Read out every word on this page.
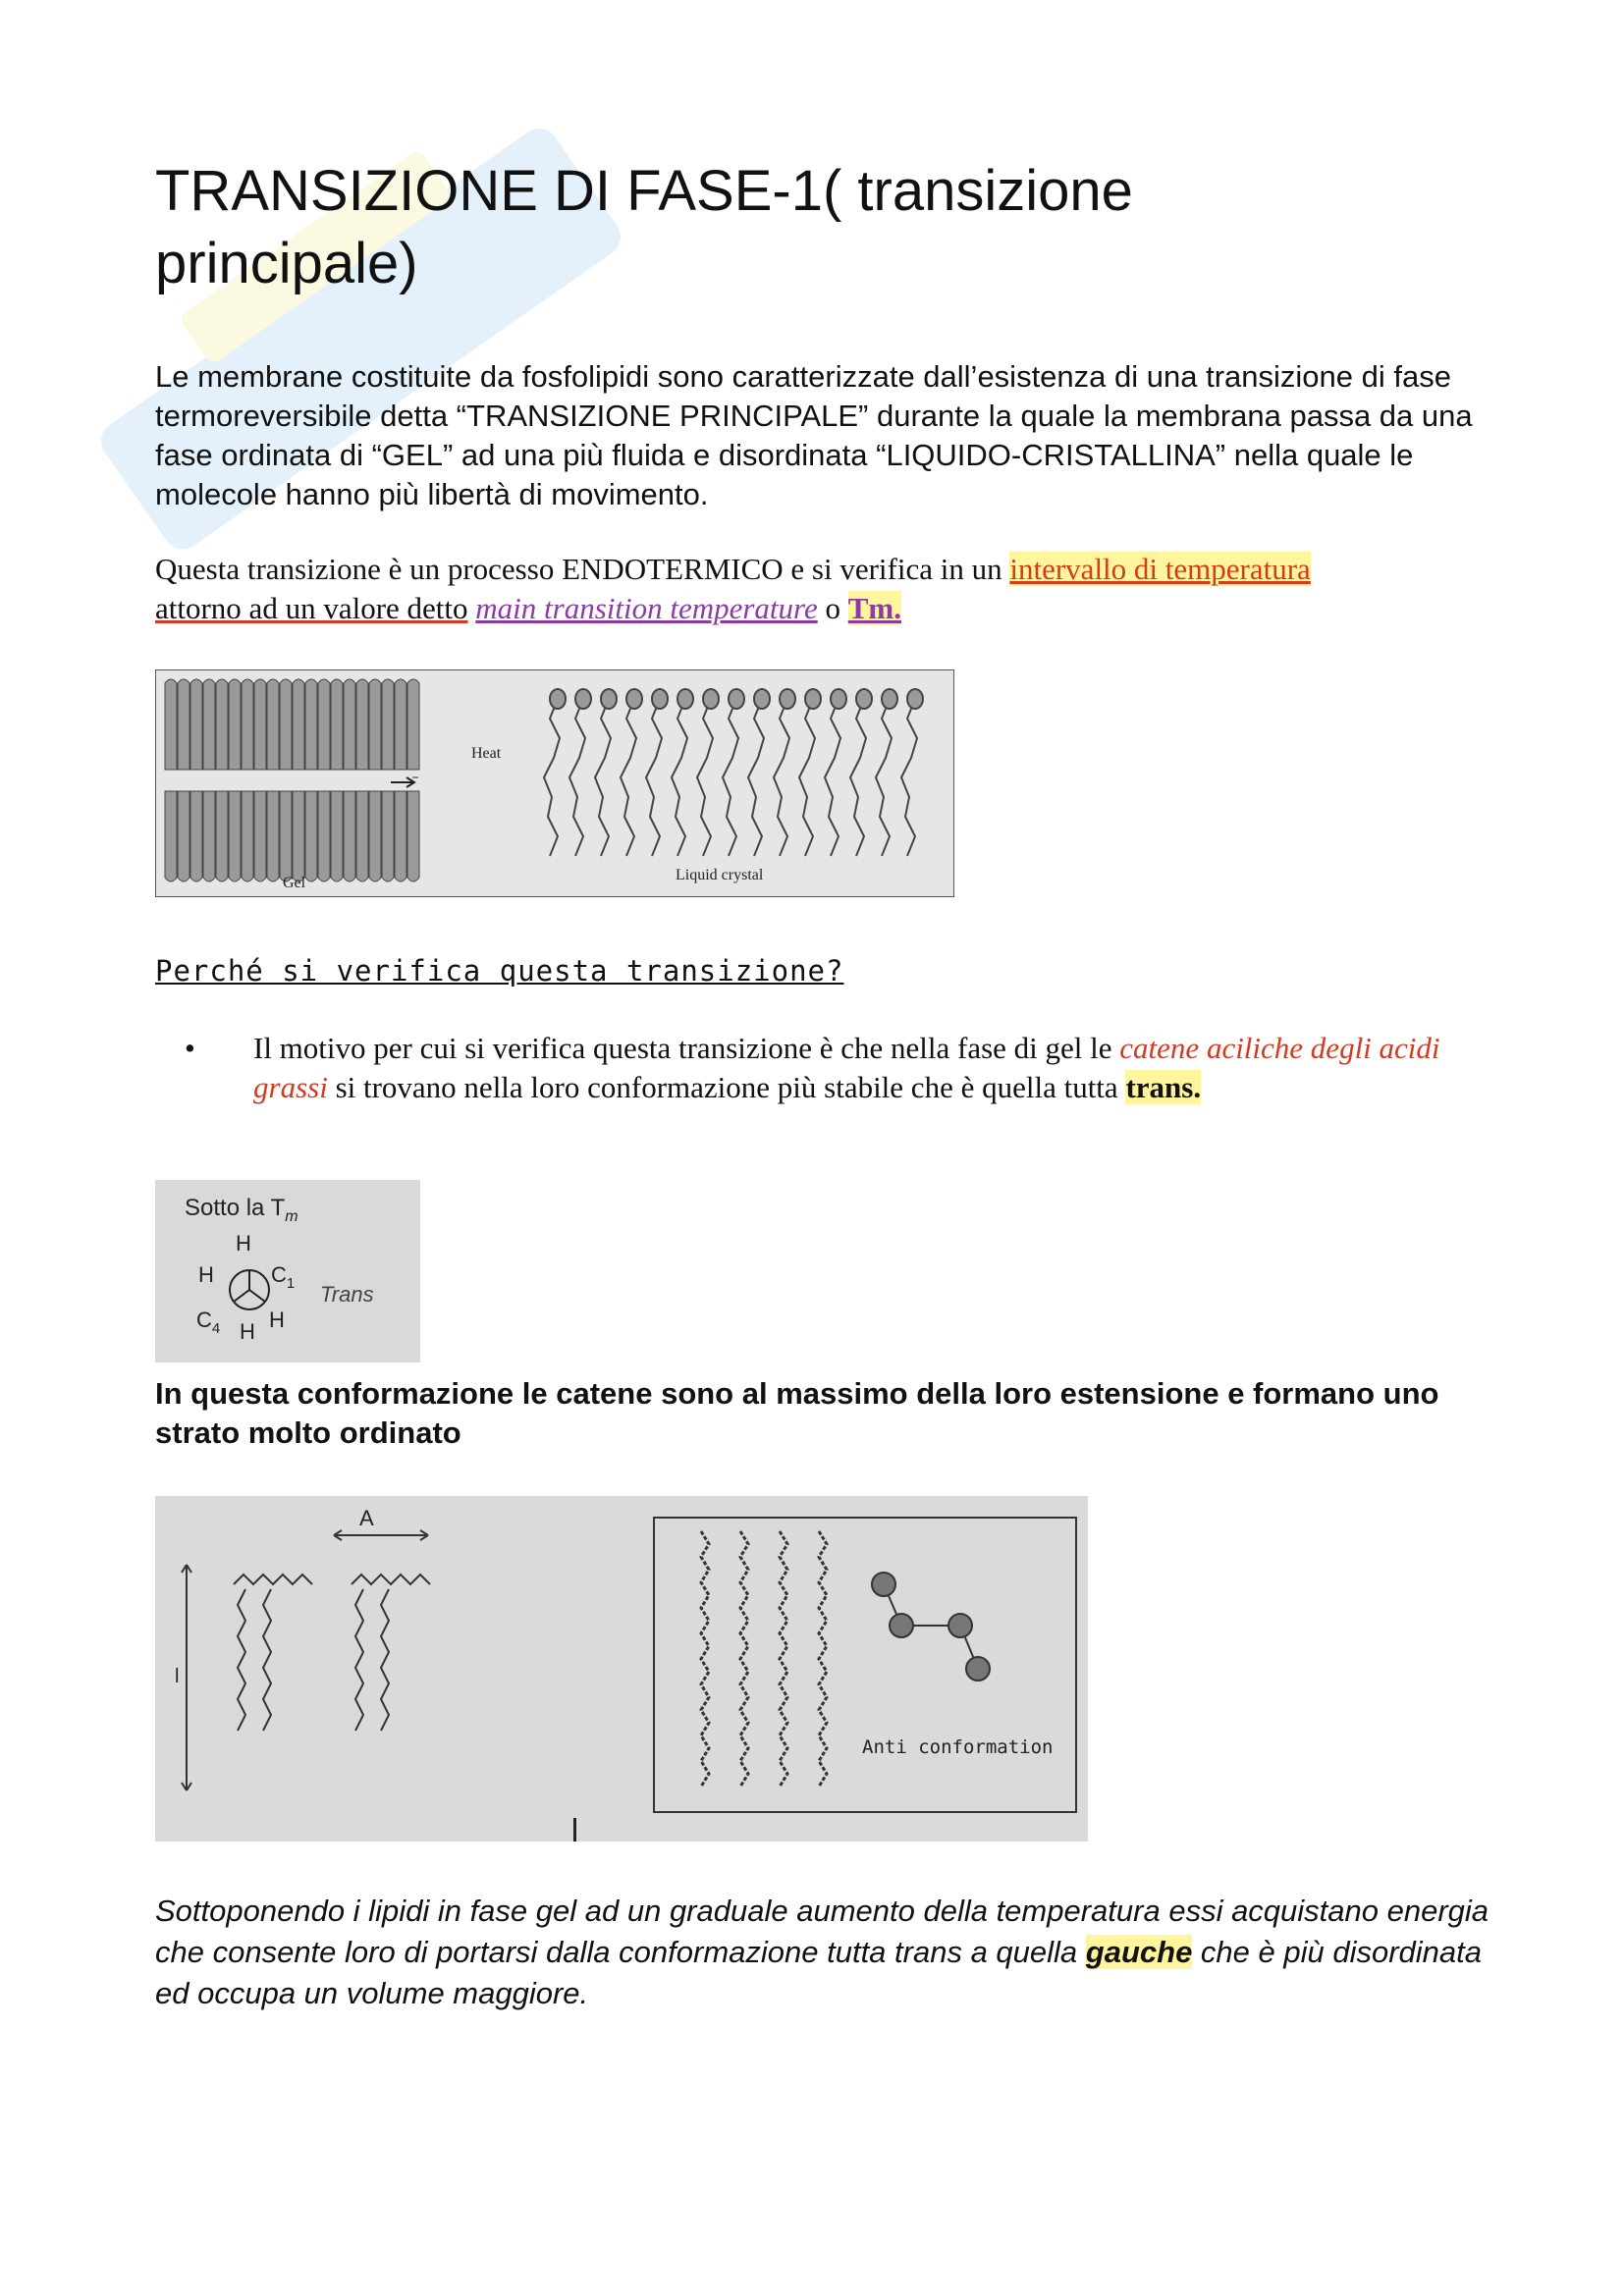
TRANSIZIONE DI FASE-1( transizione principale)

Le membrane costituite da fosfolipidi sono caratterizzate dall’esistenza di una transizione di fase termoreversibile detta “TRANSIZIONE PRINCIPALE” durante la quale la membrana passa da una fase ordinata di “GEL” ad una più fluida e disordinata “LIQUIDO-CRISTALLINA” nella quale le molecole hanno più libertà di movimento.

Questa transizione è un processo ENDOTERMICO e si verifica in un intervallo di temperatura
attorno ad un valore detto main transition temperature o Tm.

Heat
Gel	Liquid crystal

Perché si verifica questa transizione?

•	Il motivo per cui si verifica questa transizione è che nella fase di gel le catene aciliche degli acidi grassi si trovano nella loro conformazione più stabile che è quella tutta trans.

Sotto la $T_m$
H
H	$C_1$ Trans
$C_4$ H H

In questa conformazione le catene sono al massimo della loro estensione e formano uno strato molto ordinato

A
l
Anti conformation

Sottoponendo i lipidi in fase gel ad un graduale aumento della temperatura essi acquistano energia che consente loro di portarsi dalla conformazione tutta trans a quella gauche che è più disordinata ed occupa un volume maggiore.
